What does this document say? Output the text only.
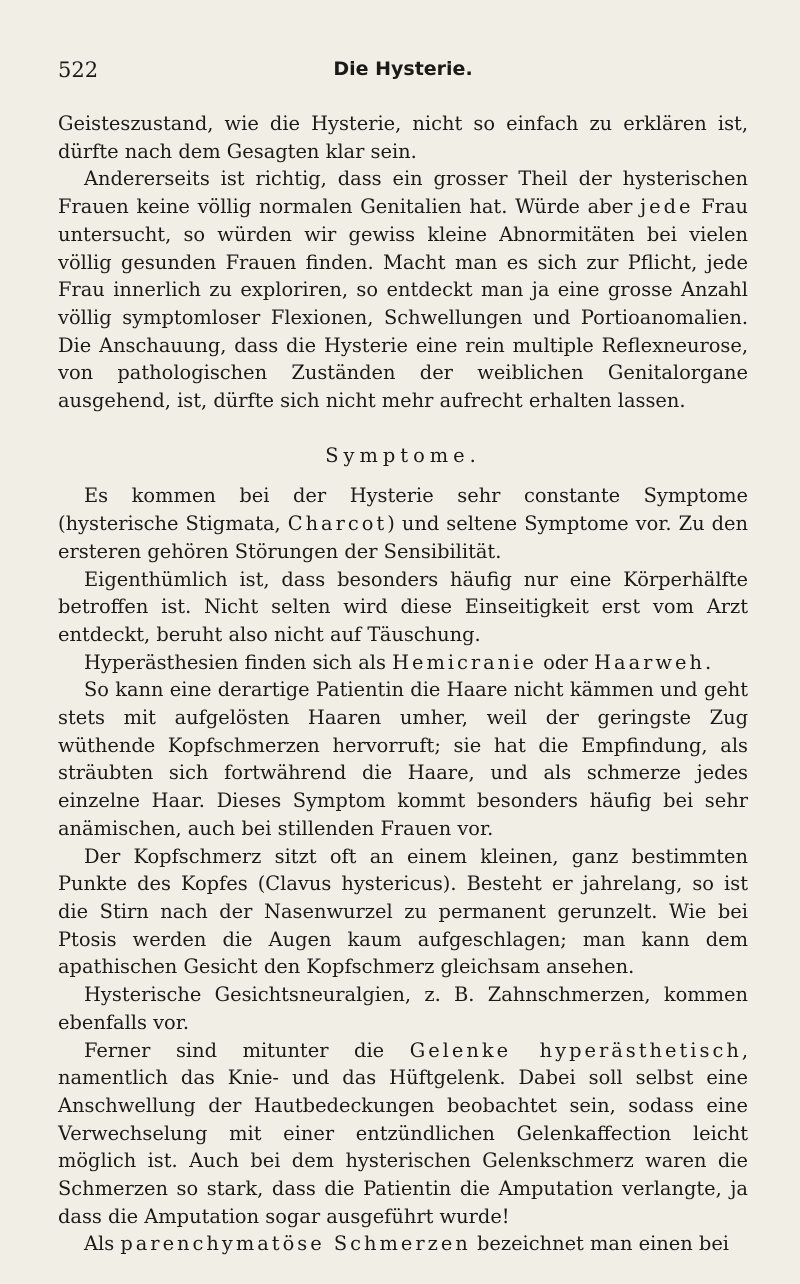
522	Die Hysterie.

Geisteszustand, wie die Hysterie, nicht so einfach zu erklären ist, dürfte nach dem Gesagten klar sein.

Andererseits ist richtig, dass ein grosser Theil der hysterischen Frauen keine völlig normalen Genitalien hat. Würde aber jede Frau untersucht, so würden wir gewiss kleine Abnormitäten bei vielen völlig gesunden Frauen finden. Macht man es sich zur Pflicht, jede Frau innerlich zu exploriren, so entdeckt man ja eine grosse Anzahl völlig symptomloser Flexionen, Schwellungen und Portioanomalien. Die Anschauung, dass die Hysterie eine rein multiple Reflexneurose, von pathologischen Zuständen der weiblichen Genitalorgane ausgehend, ist, dürfte sich nicht mehr aufrecht erhalten lassen.

Symptome.

Es kommen bei der Hysterie sehr constante Symptome (hysterische Stigmata, Charcot) und seltene Symptome vor. Zu den ersteren gehören Störungen der Sensibilität.

Eigenthümlich ist, dass besonders häufig nur eine Körperhälfte betroffen ist. Nicht selten wird diese Einseitigkeit erst vom Arzt entdeckt, beruht also nicht auf Täuschung.

Hyperästhesien finden sich als Hemicranie oder Haarweh.

So kann eine derartige Patientin die Haare nicht kämmen und geht stets mit aufgelösten Haaren umher, weil der geringste Zug wüthende Kopfschmerzen hervorruft; sie hat die Empfindung, als sträubten sich fortwährend die Haare, und als schmerze jedes einzelne Haar. Dieses Symptom kommt besonders häufig bei sehr anämischen, auch bei stillenden Frauen vor.

Der Kopfschmerz sitzt oft an einem kleinen, ganz bestimmten Punkte des Kopfes (Clavus hystericus). Besteht er jahrelang, so ist die Stirn nach der Nasenwurzel zu permanent gerunzelt. Wie bei Ptosis werden die Augen kaum aufgeschlagen; man kann dem apathischen Gesicht den Kopfschmerz gleichsam ansehen.

Hysterische Gesichtsneuralgien, z. B. Zahnschmerzen, kommen ebenfalls vor.

Ferner sind mitunter die Gelenke hyperästhetisch, namentlich das Knie- und das Hüftgelenk. Dabei soll selbst eine Anschwellung der Hautbedeckungen beobachtet sein, sodass eine Verwechselung mit einer entzündlichen Gelenkaffection leicht möglich ist. Auch bei dem hysterischen Gelenkschmerz waren die Schmerzen so stark, dass die Patientin die Amputation verlangte, ja dass die Amputation sogar ausgeführt wurde!

Als parenchymatöse Schmerzen bezeichnet man einen bei
